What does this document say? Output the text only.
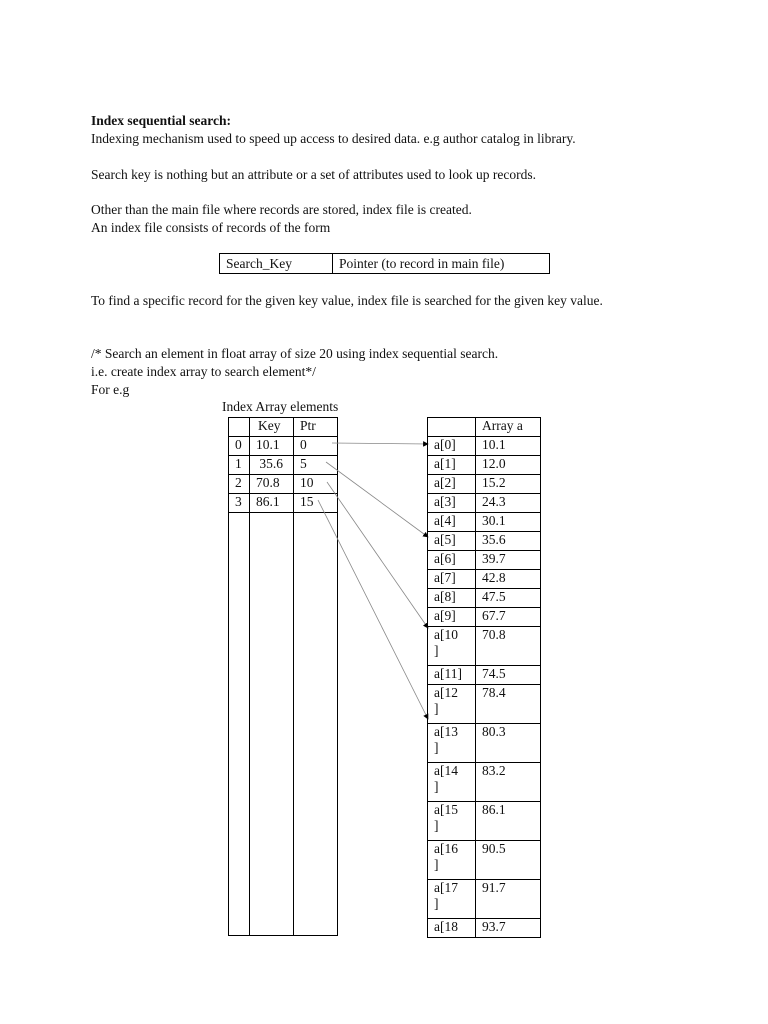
Index sequential search:
Indexing mechanism used to speed up access to desired data. e.g author catalog in library.
Search key is nothing but an attribute or a set of attributes used to look up records.
Other than the main file where records are stored, index file is created.
An index file consists of records of the form
Search_Key	Pointer (to record in main file)
To find a specific record for the given key value, index file is searched for the given key value.
/* Search an element in float array of size 20 using index sequential search.
i.e. create index array to search element*/
For e.g
Index Array elements
	Key	Ptr
0	10.1	0
1	35.6	5
2	70.8	10
3	86.1	15

	Array a
a[0]	10.1
a[1]	12.0
a[2]	15.2
a[3]	24.3
a[4]	30.1
a[5]	35.6
a[6]	39.7
a[7]	42.8
a[8]	47.5
a[9]	67.7
a[10
]	70.8
a[11]	74.5
a[12
]	78.4
a[13
]	80.3
a[14
]	83.2
a[15
]	86.1
a[16
]	90.5
a[17
]	91.7
a[18	93.7
